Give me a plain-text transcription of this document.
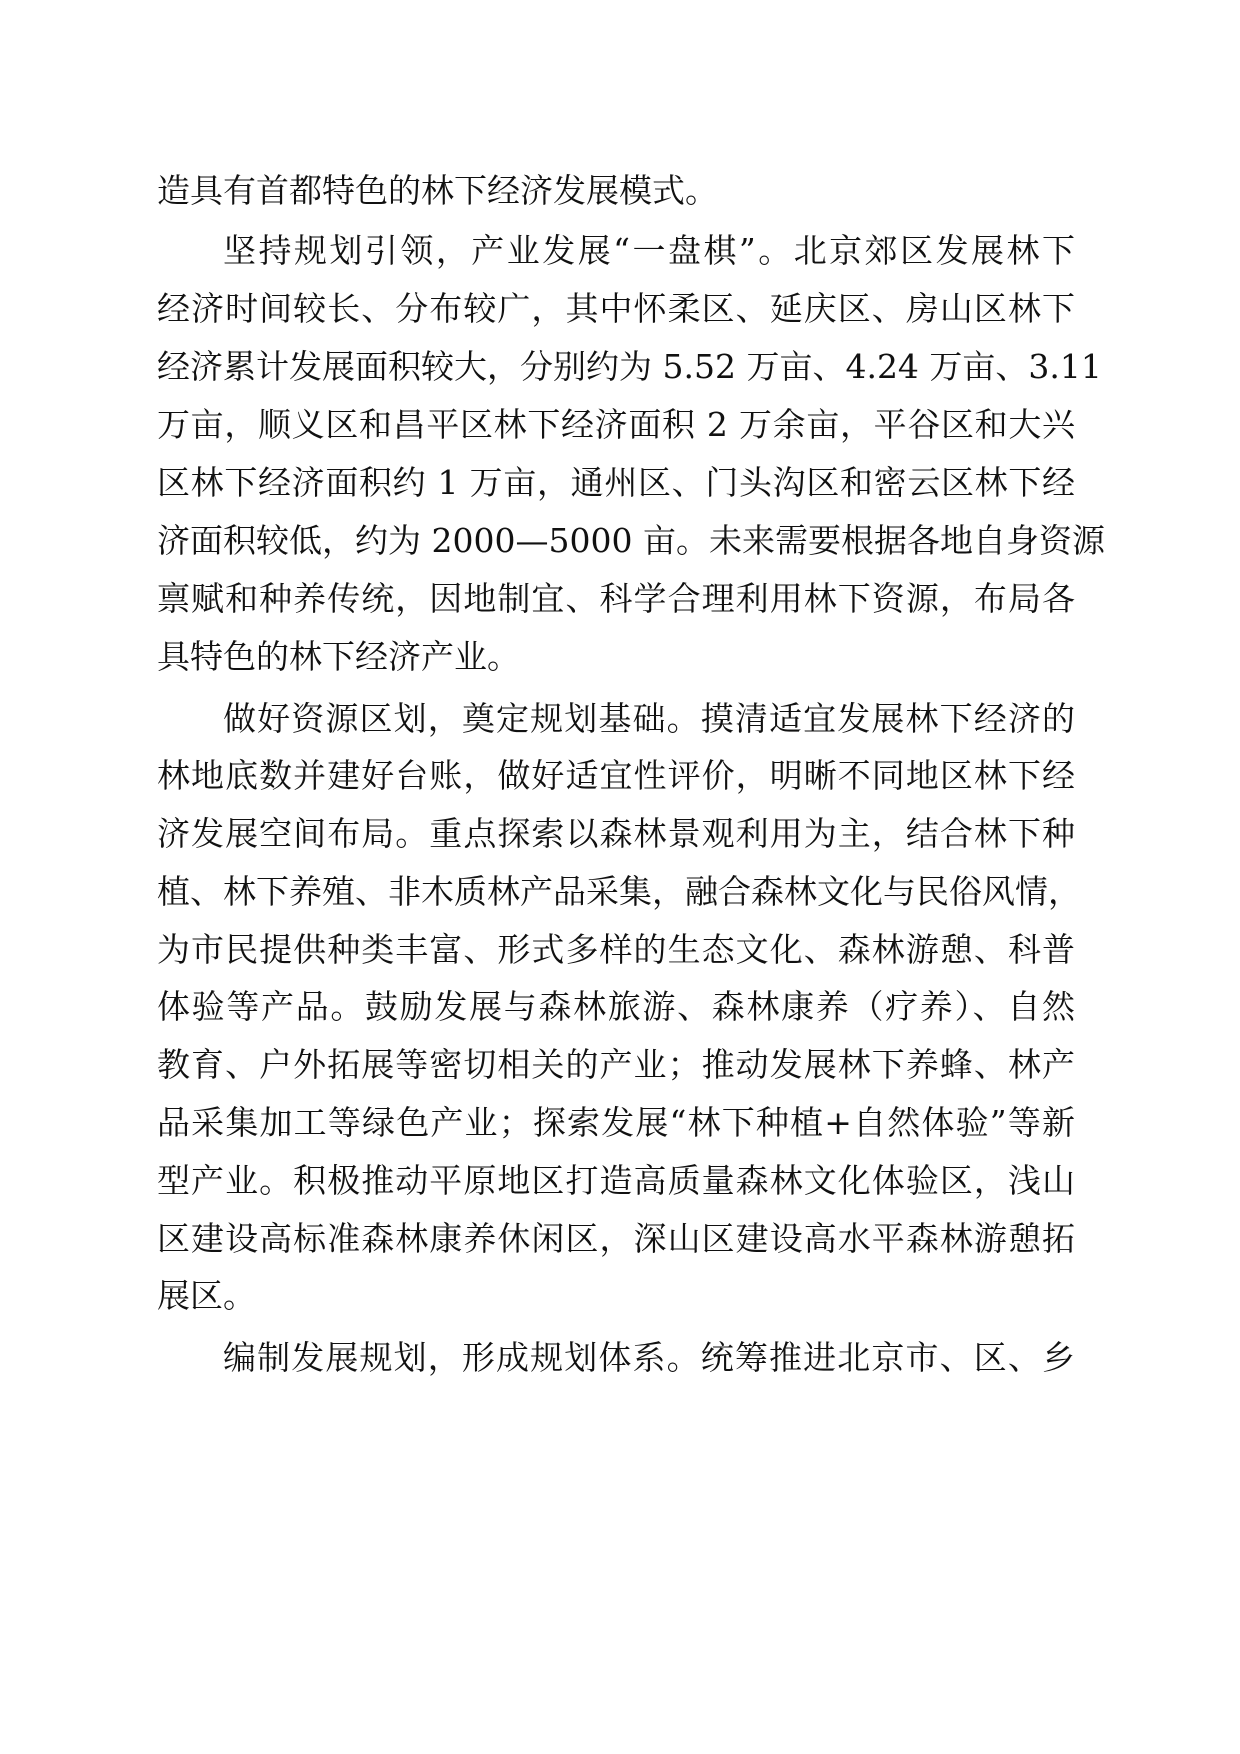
造具有首都特色的林下经济发展模式。
坚持规划引领，产业发展“一盘棋”。北京郊区发展林下
经济时间较长、分布较广，其中怀柔区、延庆区、房山区林下
经济累计发展面积较大，分别约为 5.52 万亩、4.24 万亩、3.11
万亩，顺义区和昌平区林下经济面积 2 万余亩，平谷区和大兴
区林下经济面积约 1 万亩，通州区、门头沟区和密云区林下经
济面积较低，约为 2000—5000 亩。未来需要根据各地自身资源
禀赋和种养传统，因地制宜、科学合理利用林下资源，布局各
具特色的林下经济产业。
做好资源区划，奠定规划基础。摸清适宜发展林下经济的
林地底数并建好台账，做好适宜性评价，明晰不同地区林下经
济发展空间布局。重点探索以森林景观利用为主，结合林下种
植、林下养殖、非木质林产品采集，融合森林文化与民俗风情，
为市民提供种类丰富、形式多样的生态文化、森林游憩、科普
体验等产品。鼓励发展与森林旅游、森林康养（疗养）、自然
教育、户外拓展等密切相关的产业；推动发展林下养蜂、林产
品采集加工等绿色产业；探索发展“林下种植+自然体验”等新
型产业。积极推动平原地区打造高质量森林文化体验区，浅山
区建设高标准森林康养休闲区，深山区建设高水平森林游憩拓
展区。
编制发展规划，形成规划体系。统筹推进北京市、区、乡
